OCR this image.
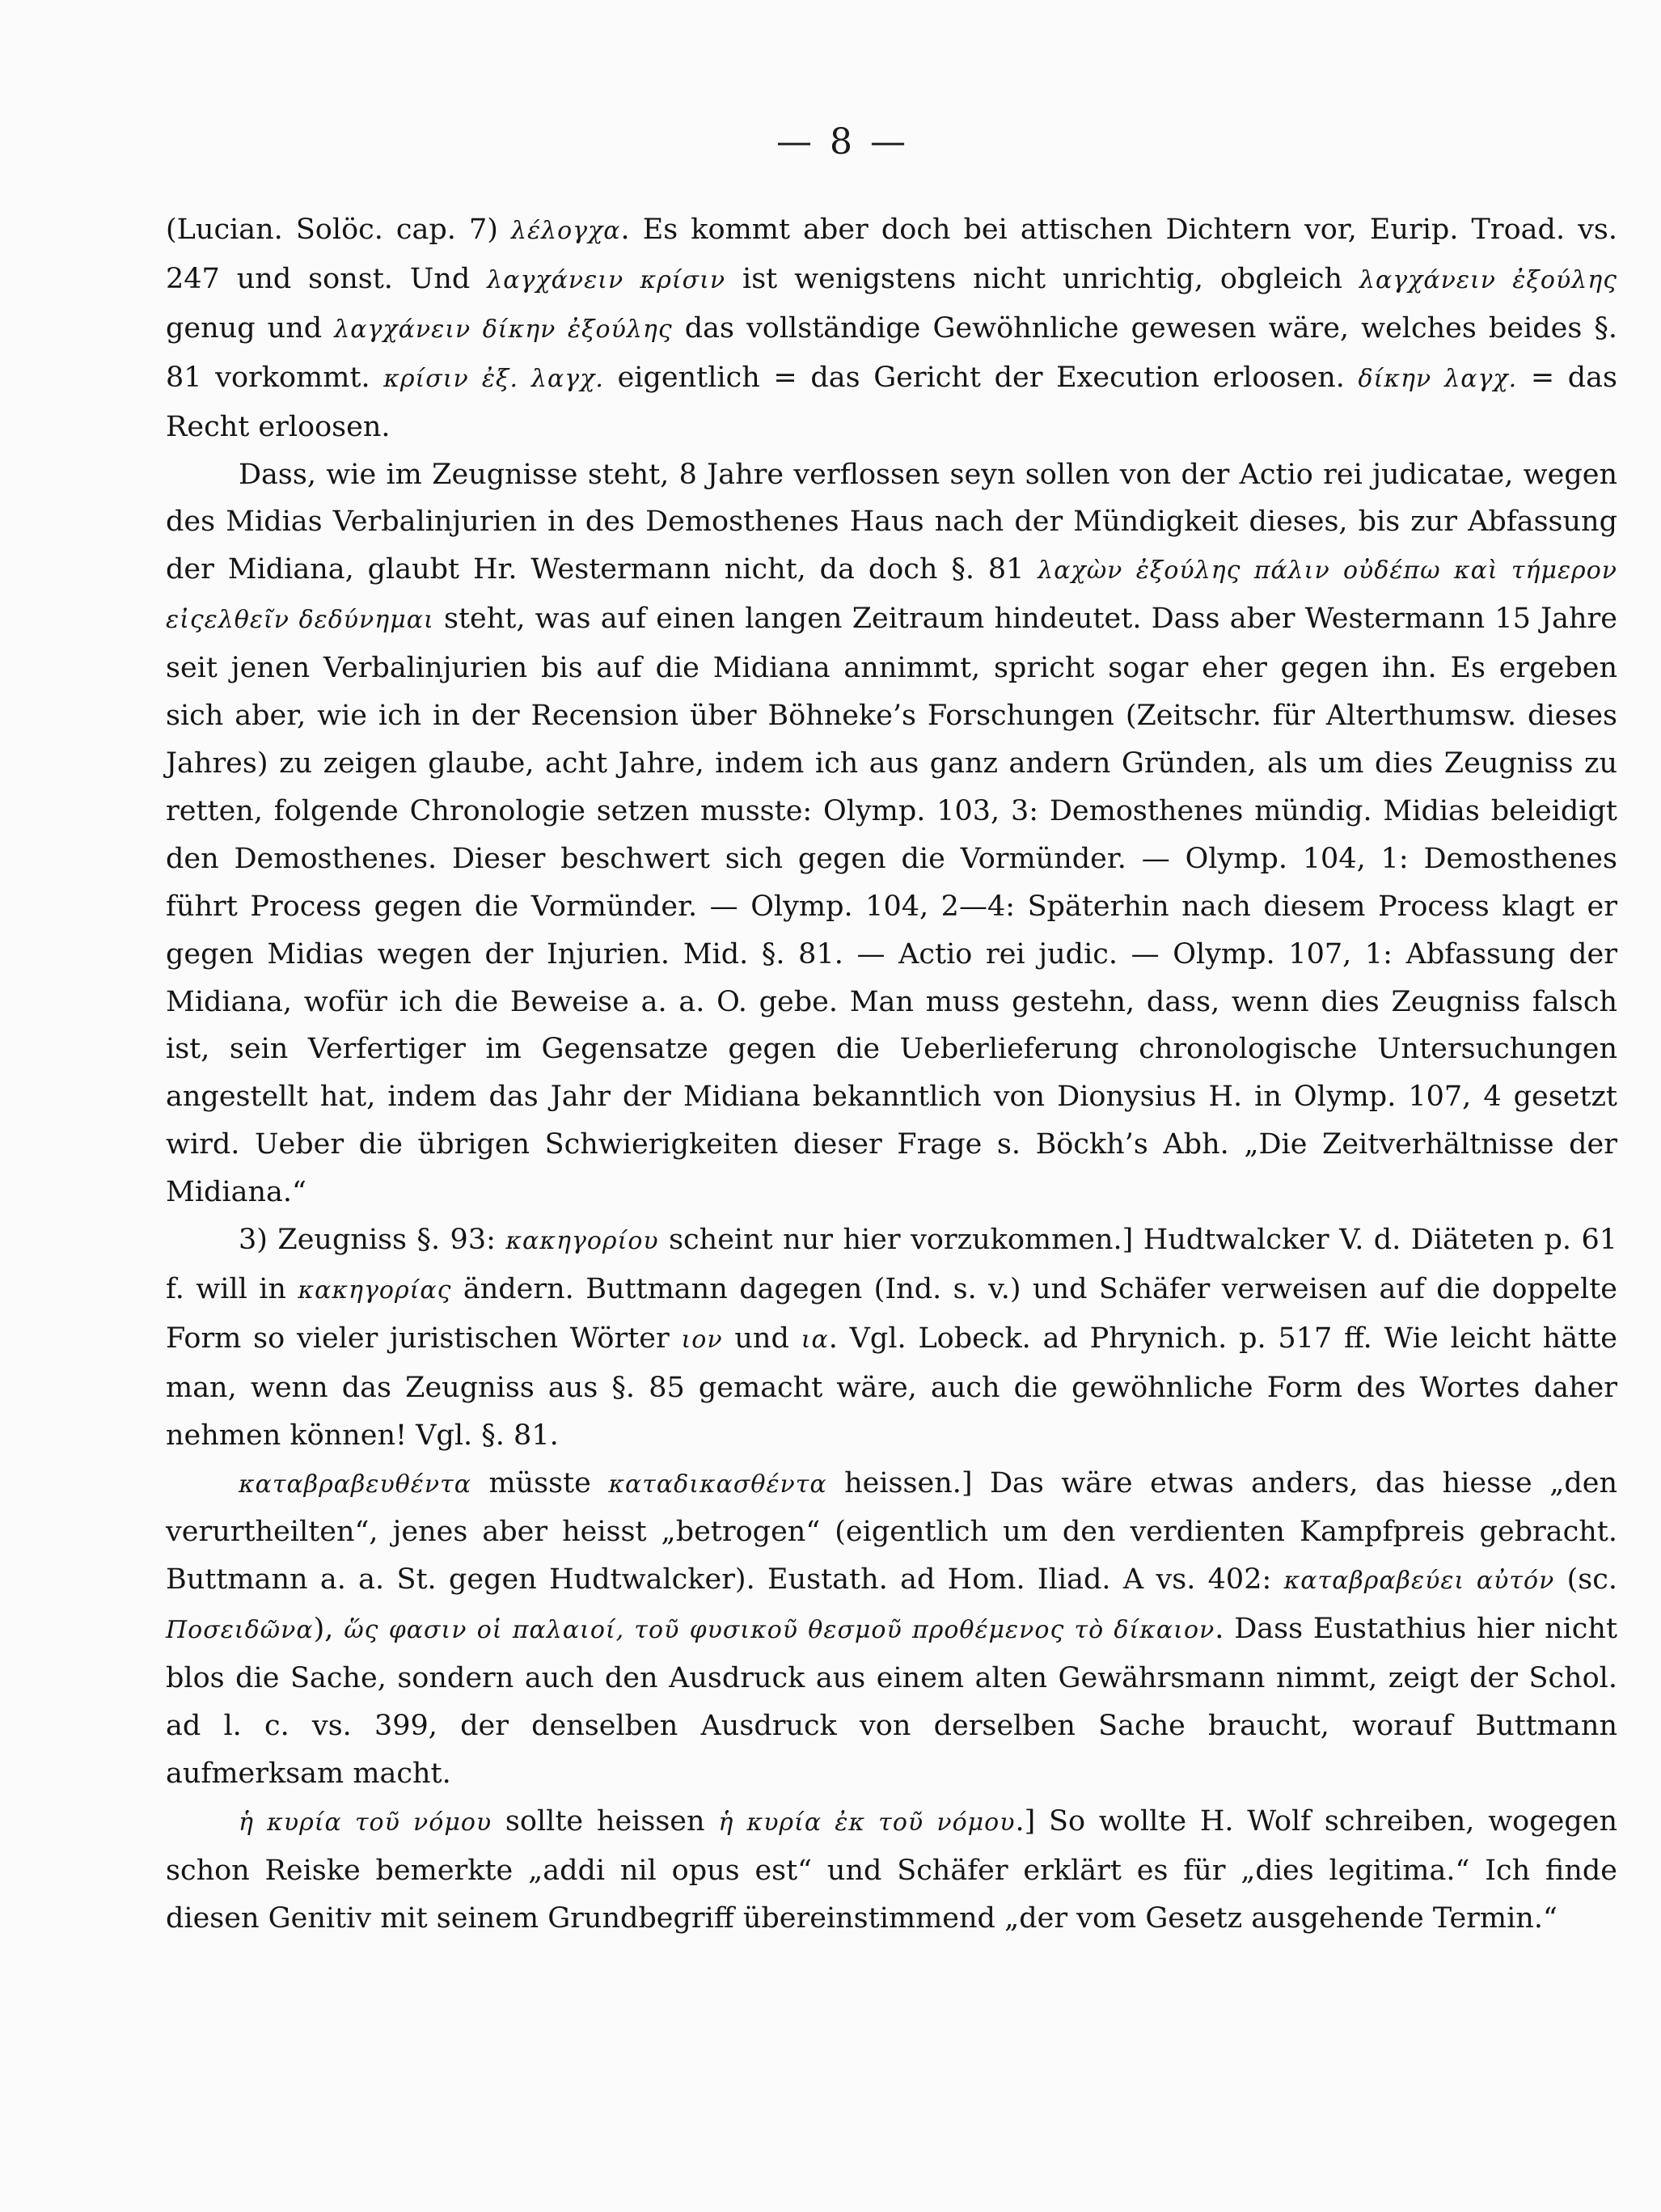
— 8 —

(Lucian. Solöc. cap. 7) λέλογχα. Es kommt aber doch bei attischen Dichtern vor, Eurip. Troad. vs. 247 und sonst. Und λαγχάνειν κρίσιν ist wenigstens nicht unrichtig, obgleich λαγχάνειν ἐξούλης genug und λαγχάνειν δίκην ἐξούλης das vollständige Gewöhnliche gewesen wäre, welches beides §. 81 vorkommt. κρίσιν ἐξ. λαγχ. eigentlich = das Gericht der Execution erloosen. δίκην λαγχ. = das Recht erloosen.

Dass, wie im Zeugnisse steht, 8 Jahre verflossen seyn sollen von der Actio rei judicatae, wegen des Midias Verbalinjurien in des Demosthenes Haus nach der Mündigkeit dieses, bis zur Abfassung der Midiana, glaubt Hr. Westermann nicht, da doch §. 81 λαχὼν ἐξούλης πάλιν οὐδέπω καὶ τήμερον εἰςελθεῖν δεδύνημαι steht, was auf einen langen Zeitraum hindeutet. Dass aber Westermann 15 Jahre seit jenen Verbalinjurien bis auf die Midiana annimmt, spricht sogar eher gegen ihn. Es ergeben sich aber, wie ich in der Recension über Böhneke’s Forschungen (Zeitschr. für Alterthumsw. dieses Jahres) zu zeigen glaube, acht Jahre, indem ich aus ganz andern Gründen, als um dies Zeugniss zu retten, folgende Chronologie setzen musste: Olymp. 103, 3: Demosthenes mündig. Midias beleidigt den Demosthenes. Dieser beschwert sich gegen die Vormünder. — Olymp. 104, 1: Demosthenes führt Process gegen die Vormünder. — Olymp. 104, 2—4: Späterhin nach diesem Process klagt er gegen Midias wegen der Injurien. Mid. §. 81. — Actio rei judic. — Olymp. 107, 1: Abfassung der Midiana, wofür ich die Beweise a. a. O. gebe. Man muss gestehn, dass, wenn dies Zeugniss falsch ist, sein Verfertiger im Gegensatze gegen die Ueberlieferung chronologische Untersuchungen angestellt hat, indem das Jahr der Midiana bekanntlich von Dionysius H. in Olymp. 107, 4 gesetzt wird. Ueber die übrigen Schwierigkeiten dieser Frage s. Böckh’s Abh. „Die Zeitverhältnisse der Midiana.“

3) Zeugniss §. 93: κακηγορίου scheint nur hier vorzukommen.] Hudtwalcker V. d. Diäteten p. 61 f. will in κακηγορίας ändern. Buttmann dagegen (Ind. s. v.) und Schäfer verweisen auf die doppelte Form so vieler juristischen Wörter ιον und ια. Vgl. Lobeck. ad Phrynich. p. 517 ff. Wie leicht hätte man, wenn das Zeugniss aus §. 85 gemacht wäre, auch die gewöhnliche Form des Wortes daher nehmen können! Vgl. §. 81.

καταβραβευθέντα müsste καταδικασθέντα heissen.] Das wäre etwas anders, das hiesse „den verurtheilten“, jenes aber heisst „betrogen“ (eigentlich um den verdienten Kampfpreis gebracht. Buttmann a. a. St. gegen Hudtwalcker). Eustath. ad Hom. Iliad. A vs. 402: καταβραβεύει αὐτόν (sc. Ποσειδῶνα), ὥς φασιν οἱ παλαιοί, τοῦ φυσικοῦ θεσμοῦ προθέμενος τὸ δίκαιον. Dass Eustathius hier nicht blos die Sache, sondern auch den Ausdruck aus einem alten Gewährsmann nimmt, zeigt der Schol. ad l. c. vs. 399, der denselben Ausdruck von derselben Sache braucht, worauf Buttmann aufmerksam macht.

ἡ κυρία τοῦ νόμου sollte heissen ἡ κυρία ἐκ τοῦ νόμου.] So wollte H. Wolf schreiben, wogegen schon Reiske bemerkte „addi nil opus est“ und Schäfer erklärt es für „dies legitima.“ Ich finde diesen Genitiv mit seinem Grundbegriff übereinstimmend „der vom Gesetz ausgehende Termin.“
